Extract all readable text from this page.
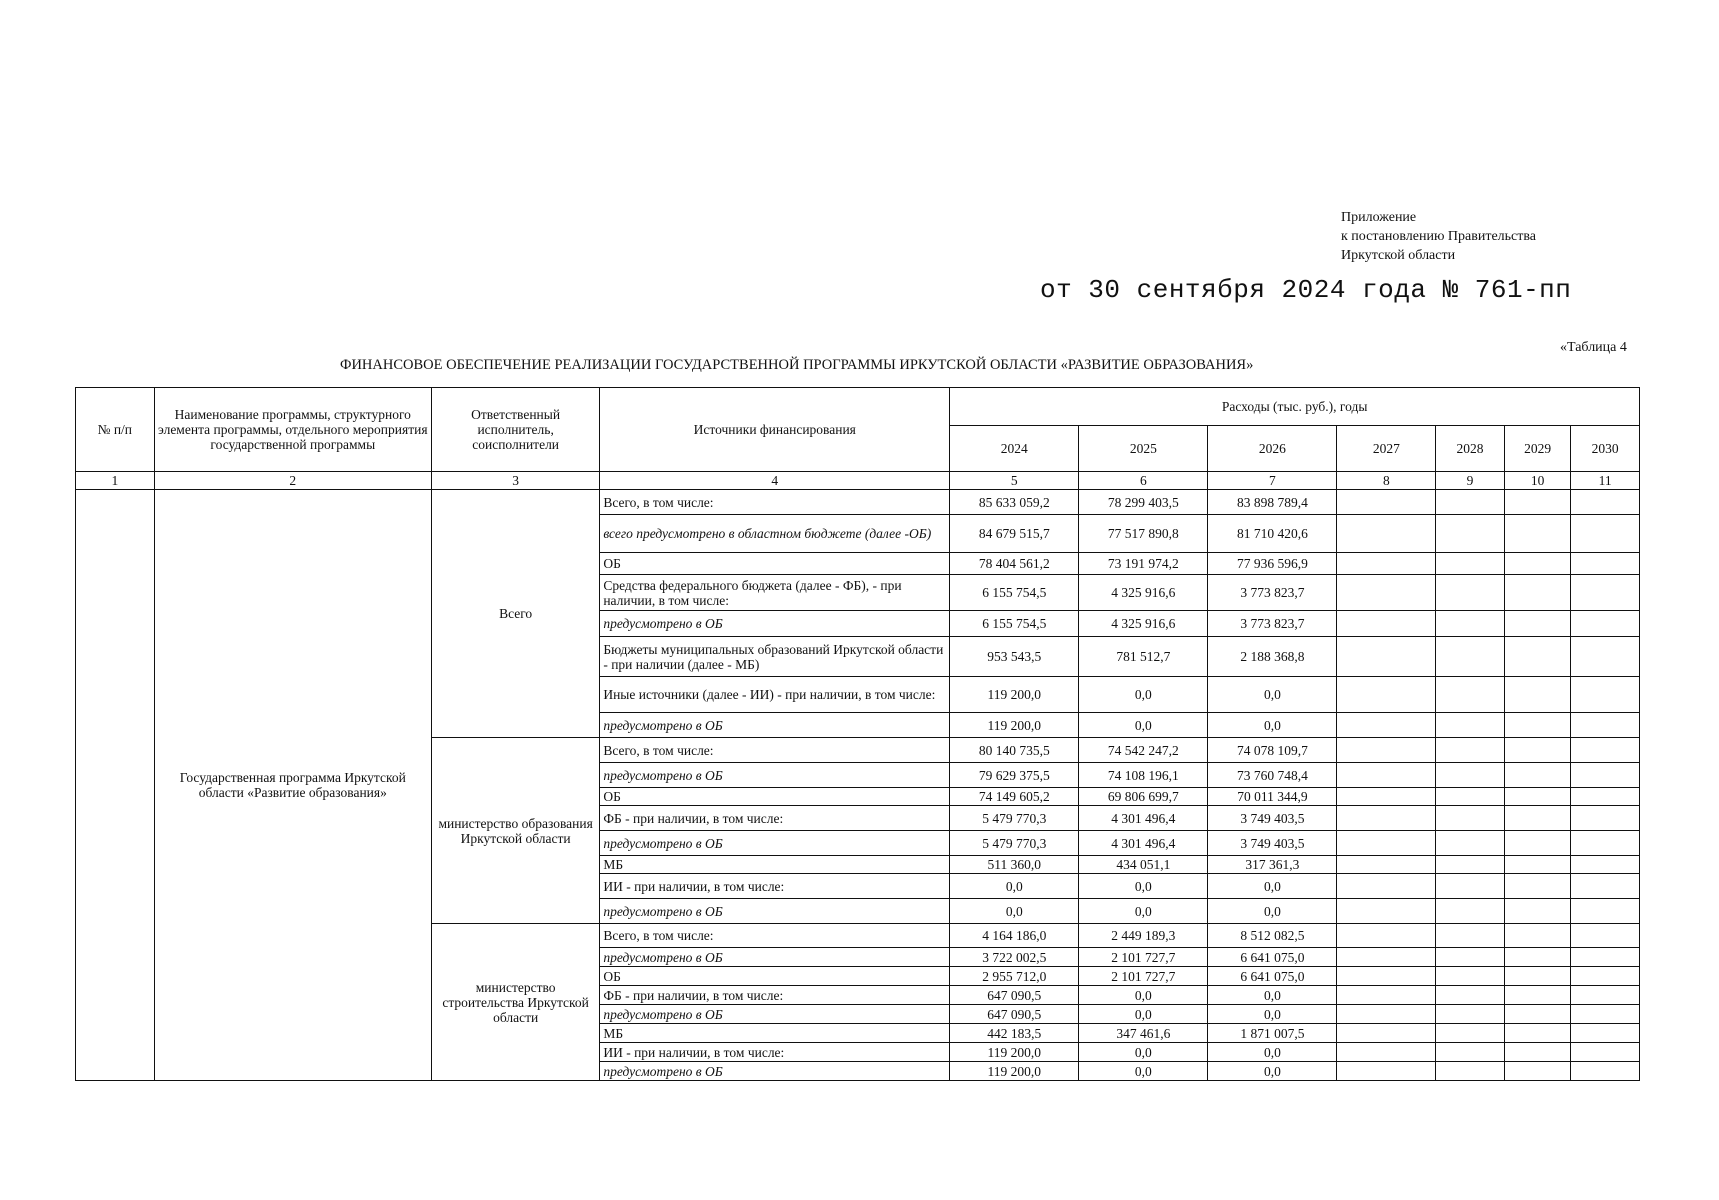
Приложение
к постановлению Правительства
Иркутской области
от 30 сентября 2024 года № 761-пп
«Таблица 4
ФИНАНСОВОЕ ОБЕСПЕЧЕНИЕ РЕАЛИЗАЦИИ ГОСУДАРСТВЕННОЙ ПРОГРАММЫ ИРКУТСКОЙ ОБЛАСТИ «РАЗВИТИЕ ОБРАЗОВАНИЯ»
№ п/п	Наименование программы, структурного элемента программы, отдельного мероприятия государственной программы	Ответственный исполнитель, соисполнители	Источники финансирования	Расходы (тыс. руб.), годы						
				2024	2025	2026	2027	2028	2029	2030
1	2	3	4	5	6	7	8	9	10	11
	Государственная программа Иркутской области «Развитие образования»	Всего	Всего, в том числе:	85 633 059,2	78 299 403,5	83 898 789,4				
			всего предусмотрено в областном бюджете (далее -ОБ)	84 679 515,7	77 517 890,8	81 710 420,6				
			ОБ	78 404 561,2	73 191 974,2	77 936 596,9				
			Средства федерального бюджета (далее - ФБ), - при наличии, в том числе:	6 155 754,5	4 325 916,6	3 773 823,7				
			предусмотрено в ОБ	6 155 754,5	4 325 916,6	3 773 823,7				
			Бюджеты муниципальных образований Иркутской области - при наличии (далее - МБ)	953 543,5	781 512,7	2 188 368,8				
			Иные источники (далее - ИИ) - при наличии, в том числе:	119 200,0	0,0	0,0				
			предусмотрено в ОБ	119 200,0	0,0	0,0				
		министерство образования Иркутской области	Всего, в том числе:	80 140 735,5	74 542 247,2	74 078 109,7				
			предусмотрено в ОБ	79 629 375,5	74 108 196,1	73 760 748,4				
			ОБ	74 149 605,2	69 806 699,7	70 011 344,9				
			ФБ - при наличии, в том числе:	5 479 770,3	4 301 496,4	3 749 403,5				
			предусмотрено в ОБ	5 479 770,3	4 301 496,4	3 749 403,5				
			МБ	511 360,0	434 051,1	317 361,3				
			ИИ - при наличии, в том числе:	0,0	0,0	0,0				
			предусмотрено в ОБ	0,0	0,0	0,0				
		министерство строительства Иркутской области	Всего, в том числе:	4 164 186,0	2 449 189,3	8 512 082,5				
			предусмотрено в ОБ	3 722 002,5	2 101 727,7	6 641 075,0				
			ОБ	2 955 712,0	2 101 727,7	6 641 075,0				
			ФБ - при наличии, в том числе:	647 090,5	0,0	0,0				
			предусмотрено в ОБ	647 090,5	0,0	0,0				
			МБ	442 183,5	347 461,6	1 871 007,5				
			ИИ - при наличии, в том числе:	119 200,0	0,0	0,0				
			предусмотрено в ОБ	119 200,0	0,0	0,0				
